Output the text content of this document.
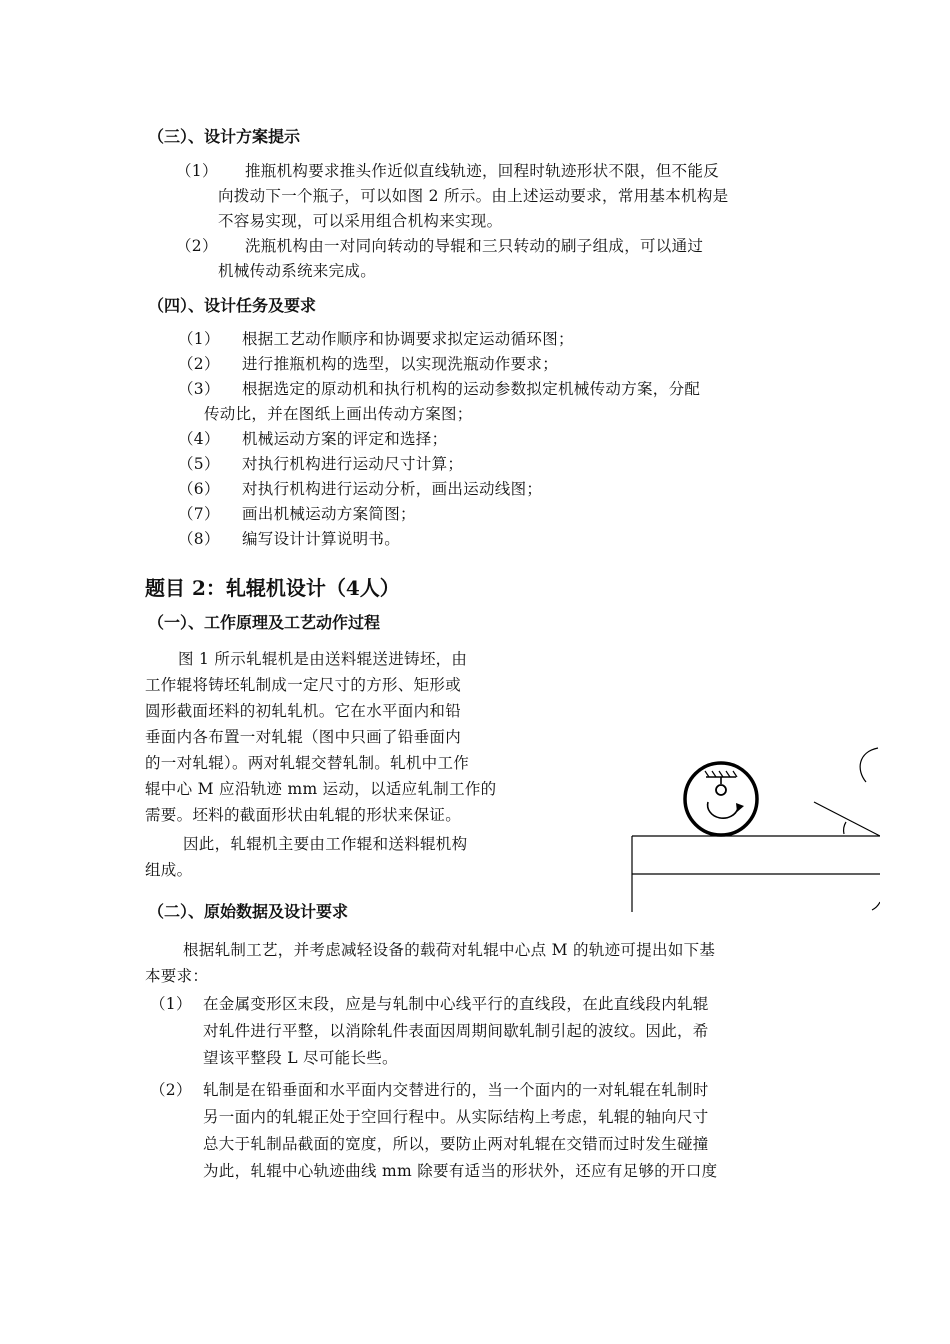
（三）、设计方案提示
（1） 推瓶机构要求推头作近似直线轨迹，回程时轨迹形状不限，但不能反
向拨动下一个瓶子，可以如图 2 所示。由上述运动要求，常用基本机构是
不容易实现，可以采用组合机构来实现。
（2） 洗瓶机构由一对同向转动的导辊和三只转动的刷子组成，可以通过
机械传动系统来完成。
（四）、设计任务及要求
（1） 根据工艺动作顺序和协调要求拟定运动循环图；
（2） 进行推瓶机构的选型，以实现洗瓶动作要求；
（3） 根据选定的原动机和执行机构的运动参数拟定机械传动方案，分配
传动比，并在图纸上画出传动方案图；
（4） 机械运动方案的评定和选择；
（5） 对执行机构进行运动尺寸计算；
（6） 对执行机构进行运动分析，画出运动线图；
（7） 画出机械运动方案简图；
（8） 编写设计计算说明书。
题目 2：轧辊机设计（4人）
（一）、工作原理及工艺动作过程
图 1 所示轧辊机是由送料辊送进铸坯，由
工作辊将铸坯轧制成一定尺寸的方形、矩形或
圆形截面坯料的初轧轧机。它在水平面内和铅
垂面内各布置一对轧辊（图中只画了铅垂面内
的一对轧辊）。两对轧辊交替轧制。轧机中工作
辊中心 M 应沿轨迹 mm 运动，以适应轧制工作的
需要。坯料的截面形状由轧辊的形状来保证。
因此，轧辊机主要由工作辊和送料辊机构
组成。
（二）、原始数据及设计要求
根据轧制工艺，并考虑减轻设备的载荷对轧辊中心点 M 的轨迹可提出如下基
本要求：
（1） 在金属变形区末段，应是与轧制中心线平行的直线段，在此直线段内轧辊
对轧件进行平整，以消除轧件表面因周期间歇轧制引起的波纹。因此，希
望该平整段 L 尽可能长些。
（2） 轧制是在铅垂面和水平面内交替进行的，当一个面内的一对轧辊在轧制时
另一面内的轧辊正处于空回行程中。从实际结构上考虑，轧辊的轴向尺寸
总大于轧制品截面的宽度，所以，要防止两对轧辊在交错而过时发生碰撞
为此，轧辊中心轨迹曲线 mm 除要有适当的形状外，还应有足够的开口度
